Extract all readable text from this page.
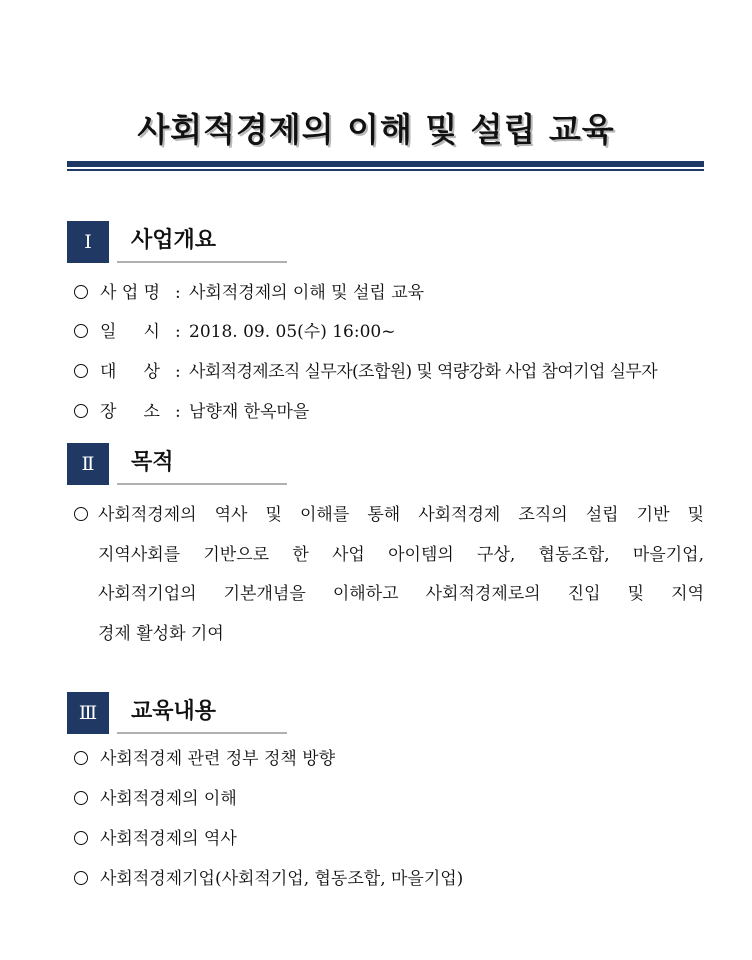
사회적경제의 이해 및 설립 교육
Ⅰ	사업개요
사 업 명 : 사회적경제의 이해 및 설립 교육
일     시 : 2018. 09. 05(수) 16:00~
대     상 : 사회적경제조직 실무자(조합원) 및 역량강화 사업 참여기업 실무자
장     소 : 남향재 한옥마을
Ⅱ	목적
사회적경제의 역사 및 이해를 통해 사회적경제 조직의 설립 기반 및
지역사회를 기반으로 한 사업 아이템의 구상, 협동조합, 마을기업,
사회적기업의 기본개념을 이해하고 사회적경제로의 진입 및 지역
경제 활성화 기여
Ⅲ	교육내용
사회적경제 관련 정부 정책 방향
사회적경제의 이해
사회적경제의 역사
사회적경제기업(사회적기업, 협동조합, 마을기업)
